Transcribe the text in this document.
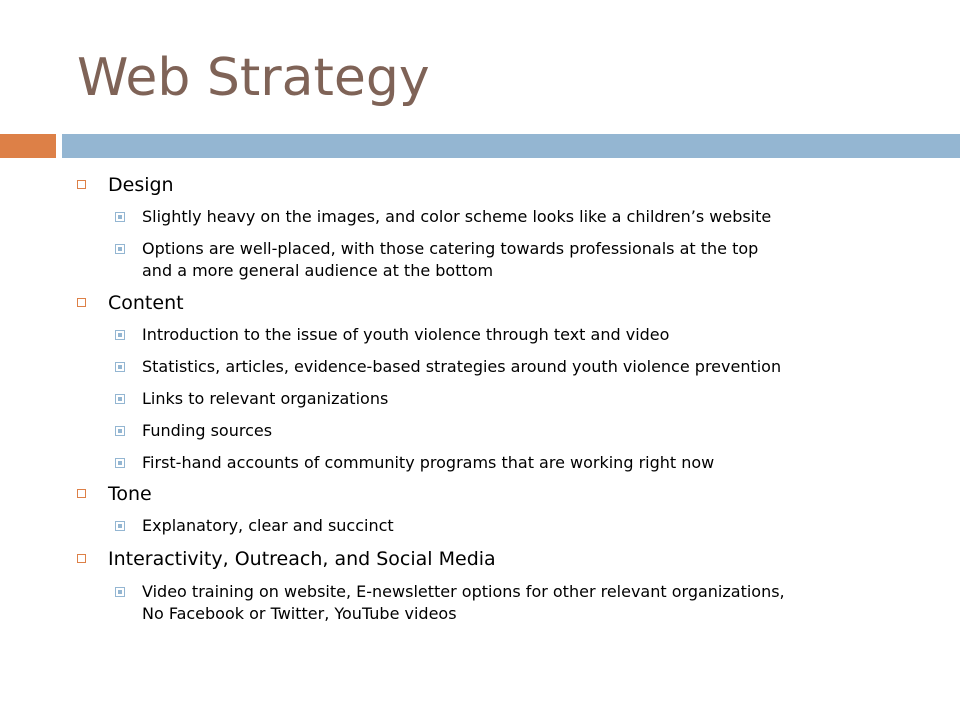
Web Strategy
Design
Slightly heavy on the images, and color scheme looks like a children’s website
Options are well-placed, with those catering towards professionals at the top
and a more general audience at the bottom
Content
Introduction to the issue of youth violence through text and video
Statistics, articles, evidence-based strategies around youth violence prevention
Links to relevant organizations
Funding sources
First-hand accounts of community programs that are working right now
Tone
Explanatory, clear and succinct
Interactivity, Outreach, and Social Media
Video training on website, E-newsletter options for other relevant organizations,
No Facebook or Twitter, YouTube videos
